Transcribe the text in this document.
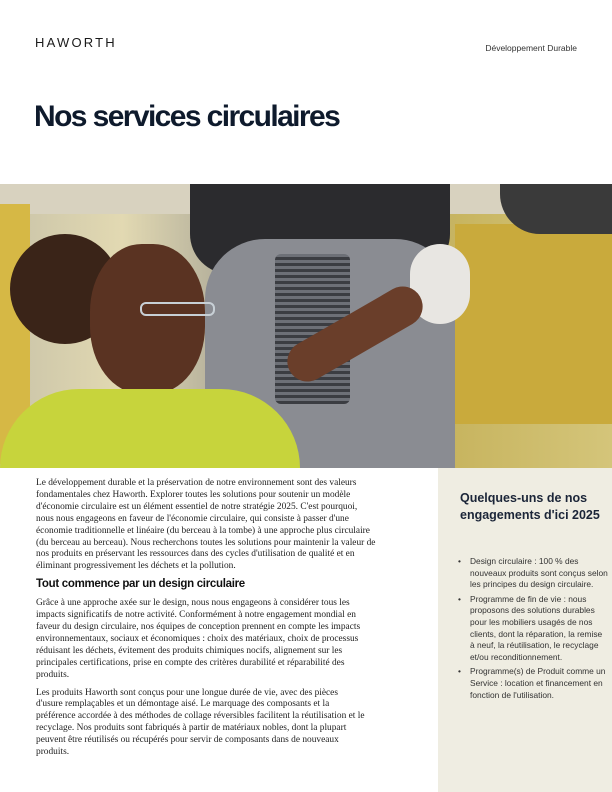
HAWORTH	Développement Durable
Nos services circulaires

Le développement durable et la préservation de notre environnement sont des valeurs
fondamentales chez Haworth. Explorer toutes les solutions pour soutenir un modèle
d'économie circulaire est un élément essentiel de notre stratégie 2025. C'est pourquoi,
nous nous engageons en faveur de l'économie circulaire, qui consiste à passer d'une
économie traditionnelle et linéaire (du berceau à la tombe) à une approche plus circulaire
(du berceau au berceau). Nous recherchons toutes les solutions pour maintenir la valeur de
nos produits en préservant les ressources dans des cycles d'utilisation de qualité et en
éliminant progressivement les déchets et la pollution.

Tout commence par un design circulaire

Grâce à une approche axée sur le design, nous nous engageons à considérer tous les
impacts significatifs de notre activité. Conformément à notre engagement mondial en
faveur du design circulaire, nos équipes de conception prennent en compte les impacts
environnementaux, sociaux et économiques : choix des matériaux, choix de processus
réduisant les déchets, évitement des produits chimiques nocifs, alignement sur les
principales certifications, prise en compte des critères durabilité et réparabilité des
produits.

Les produits Haworth sont conçus pour une longue durée de vie, avec des pièces
d'usure remplaçables et un démontage aisé. Le marquage des composants et la
préférence accordée à des méthodes de collage réversibles facilitent la réutilisation et le
recyclage. Nos produits sont fabriqués à partir de matériaux nobles, dont la plupart
peuvent être réutilisés ou récupérés pour servir de composants dans de nouveaux
produits.

Quelques-uns de nos engagements d'ici 2025
• Design circulaire : 100 % des nouveaux produits sont conçus selon les principes du design circulaire.
• Programme de fin de vie : nous proposons des solutions durables pour les mobiliers usagés de nos clients, dont la réparation, la remise à neuf, la réutilisation, le recyclage et/ou reconditionnement.
• Programme(s) de Produit comme un Service : location et financement en fonction de l'utilisation.
